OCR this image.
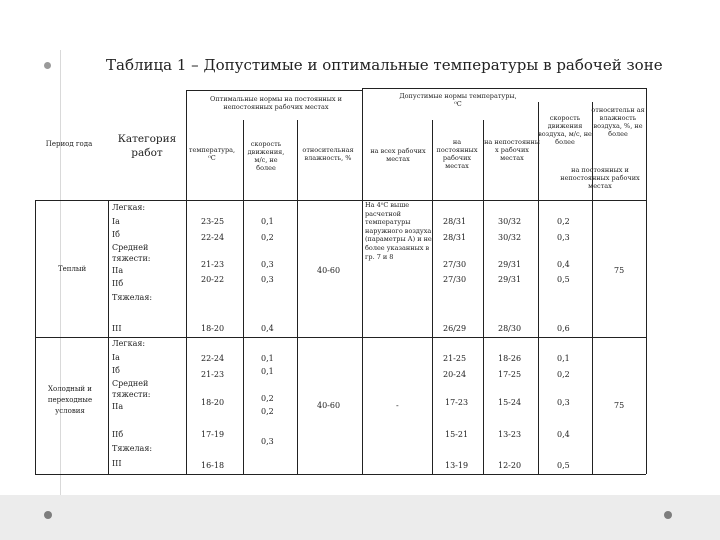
Таблица 1 – Допустимые и оптимальные температуры в рабочей зоне
Период года	Категория работ
Оптимальные нормы на постоянных и непостоянных рабочих местах
температура, ⁰С
скорость движения, м/с, не более
относительная влажность, %
Допустимые нормы температуры, ⁰С
на всех рабочих местах
на постоянных рабочих местах
на непостоянны х рабочих местах
скорость движения воздуха, м/с, не более
относительн ая влажность воздуха, %, не более
на постоянных и непостоянных рабочих местах
Теплый
Легкая:
Iа
Iб
Средней тяжести:
IIа
IIб
Тяжелая:
III
23-25
22-24
21-23
20-22
18-20
0,1
0,2
0,3
0,3
0,4
40-60
На 4⁰С выше расчетной температуры наружного воздуха (параметры А) и не более указанных в гр. 7 и 8
28/31
28/31
27/30
27/30
26/29
30/32
30/32
29/31
29/31
28/30
0,2
0,3
0,4
0,5
0,6
75
Холодный и переходные условия
Легкая:
Iа
Iб
Средней тяжести:
IIа
IIб
Тяжелая:
III
22-24
21-23
18-20
17-19
16-18
0,1
0,1
0,2
0,2
0,3
40-60	-
21-25
20-24
17-23
15-21
13-19
18-26
17-25
15-24
13-23
12-20
0,1
0,2
0,3
0,4
0,5
75
